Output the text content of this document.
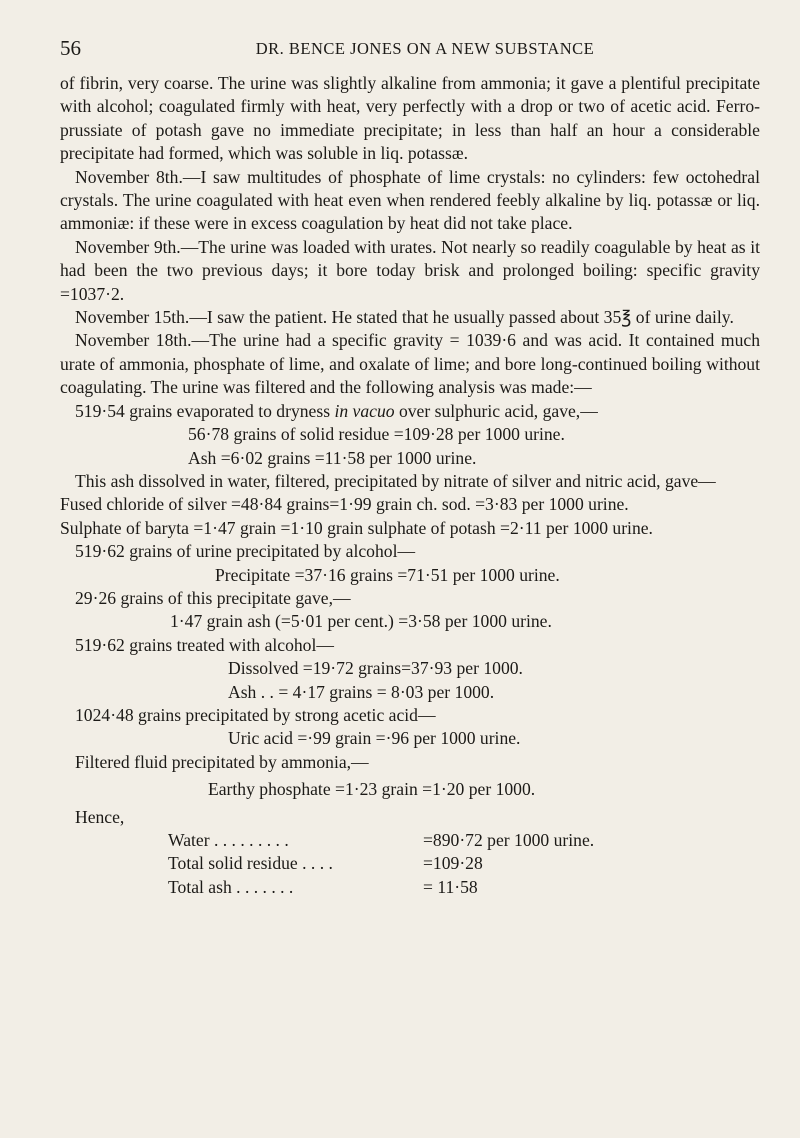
56	DR. BENCE JONES ON A NEW SUBSTANCE

of fibrin, very coarse. The urine was slightly alkaline from ammonia; it gave a plentiful precipitate with alcohol; coagulated firmly with heat, very perfectly with a drop or two of acetic acid. Ferro-prussiate of potash gave no immediate precipitate; in less than half an hour a considerable precipitate had formed, which was soluble in liq. potassæ.

November 8th.—I saw multitudes of phosphate of lime crystals: no cylinders: few octohedral crystals. The urine coagulated with heat even when rendered feebly alkaline by liq. potassæ or liq. ammoniæ: if these were in excess coagulation by heat did not take place.

November 9th.—The urine was loaded with urates. Not nearly so readily coagulable by heat as it had been the two previous days; it bore today brisk and prolonged boiling: specific gravity =1037·2.

November 15th.—I saw the patient. He stated that he usually passed about 35℥ of urine daily.

November 18th.—The urine had a specific gravity = 1039·6 and was acid. It contained much urate of ammonia, phosphate of lime, and oxalate of lime; and bore long-continued boiling without coagulating. The urine was filtered and the following analysis was made:—

519·54 grains evaporated to dryness in vacuo over sulphuric acid, gave,—

56·78 grains of solid residue =109·28 per 1000 urine.

Ash =6·02 grains =11·58 per 1000 urine.

This ash dissolved in water, filtered, precipitated by nitrate of silver and nitric acid, gave—

Fused chloride of silver =48·84 grains=1·99 grain ch. sod. =3·83 per 1000 urine.

Sulphate of baryta =1·47 grain =1·10 grain sulphate of potash =2·11 per 1000 urine.

519·62 grains of urine precipitated by alcohol—

Precipitate =37·16 grains =71·51 per 1000 urine.

29·26 grains of this precipitate gave,—

1·47 grain ash (=5·01 per cent.) =3·58 per 1000 urine.

519·62 grains treated with alcohol—

Dissolved =19·72 grains=37·93 per 1000.

Ash . . = 4·17 grains = 8·03 per 1000.

1024·48 grains precipitated by strong acetic acid—

Uric acid =·99 grain =·96 per 1000 urine.

Filtered fluid precipitated by ammonia,—

Earthy phosphate =1·23 grain =1·20 per 1000.

Hence,

Water . . . . . . . . .	=890·72 per 1000 urine.
Total solid residue . . . .	=109·28
Total ash . . . . . . .	= 11·58
